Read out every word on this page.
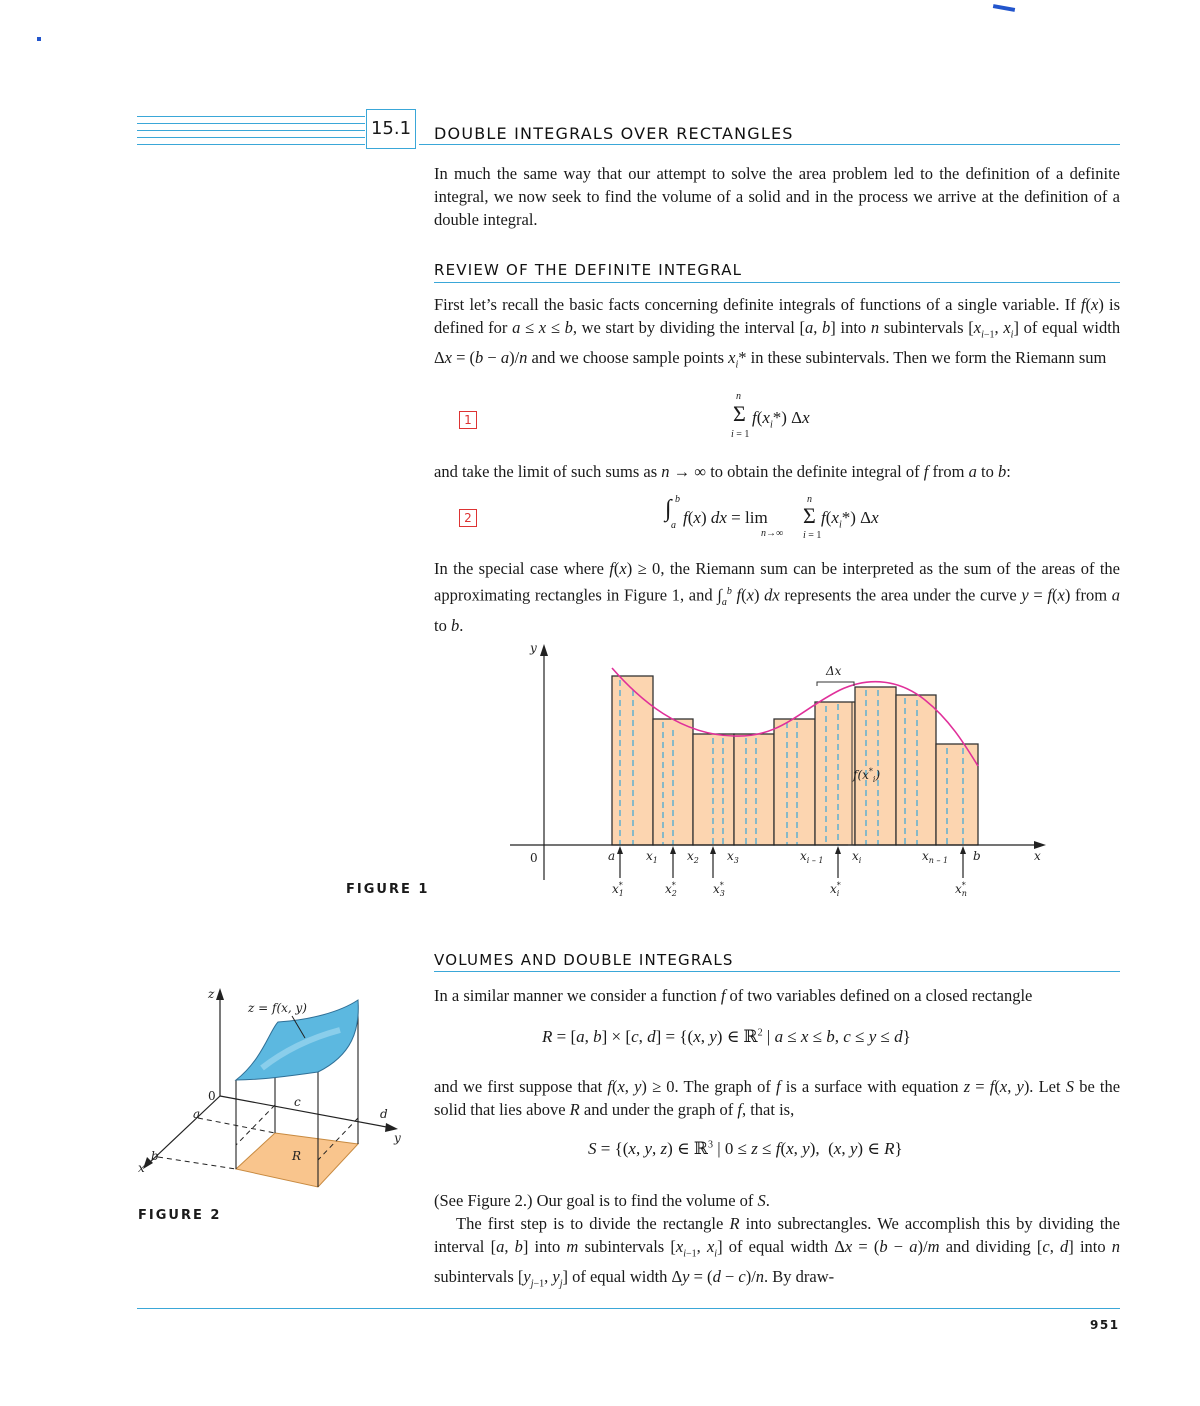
15.1	DOUBLE INTEGRALS OVER RECTANGLES
In much the same way that our attempt to solve the area problem led to the definition of a definite integral, we now seek to find the volume of a solid and in the process we arrive at the definition of a double integral.
REVIEW OF THE DEFINITE INTEGRAL
First let’s recall the basic facts concerning definite integrals of functions of a single variable. If f(x) is defined for a ≤ x ≤ b, we start by dividing the interval [a, b] into n subintervals [$x_{i-1}$, $x_i$] of equal width Δx = (b − a)/n and we choose sample points $x_i*$ in these subintervals. Then we form the Riemann sum
1
n
Σ
i = 1
$f(x_i*)$ Δx
and take the limit of such sums as n → ∞ to obtain the definite integral of f from a to b:
2	∫ b
a f(x) dx = lim
n→∞
n
Σ
i = 1
$f(x_i*)$ Δx
In the special case where f(x) ≥ 0, the Riemann sum can be interpreted as the sum of the areas of the approximating rectangles in Figure 1, and $\int_a^b$ f(x) dx represents the area under the curve y = f(x) from a to b.
y
x
0
Δx
$f(x^*_i)$
a	$x_1$ $x_2$ $x_3$	$x_{i - 1}$ $x_i$	$x_{n - 1}$ b
x* 1	x* 2	x* 3	x* i	x* n
FIGURE 1
VOLUMES AND DOUBLE INTEGRALS
In a similar manner we consider a function f of two variables defined on a closed rectangle
R = [a, b] × [c, d] = {(x, y) ∈ ℝ$^2$ | a ≤ x ≤ b, c ≤ y ≤ d}
and we first suppose that f(x, y) ≥ 0. The graph of f is a surface with equation z = f(x, y). Let S be the solid that lies above R and under the graph of f, that is,
S = {(x, y, z) ∈ ℝ$^3$ | 0 ≤ z ≤ f(x, y),  (x, y) ∈ R}
(See Figure 2.) Our goal is to find the volume of S.
The first step is to divide the rectangle R into subrectangles. We accomplish this by dividing the interval [a, b] into m subintervals [$x_{i-1}$, $x_i$] of equal width Δx = (b − a)/m and dividing [c, d] into n subintervals [$y_{j-1}$, $y_j$] of equal width Δy = (d − c)/n. By draw-
z
z = f(x, y)
0
a
b
c
d
x
y
R
FIGURE 2
951
